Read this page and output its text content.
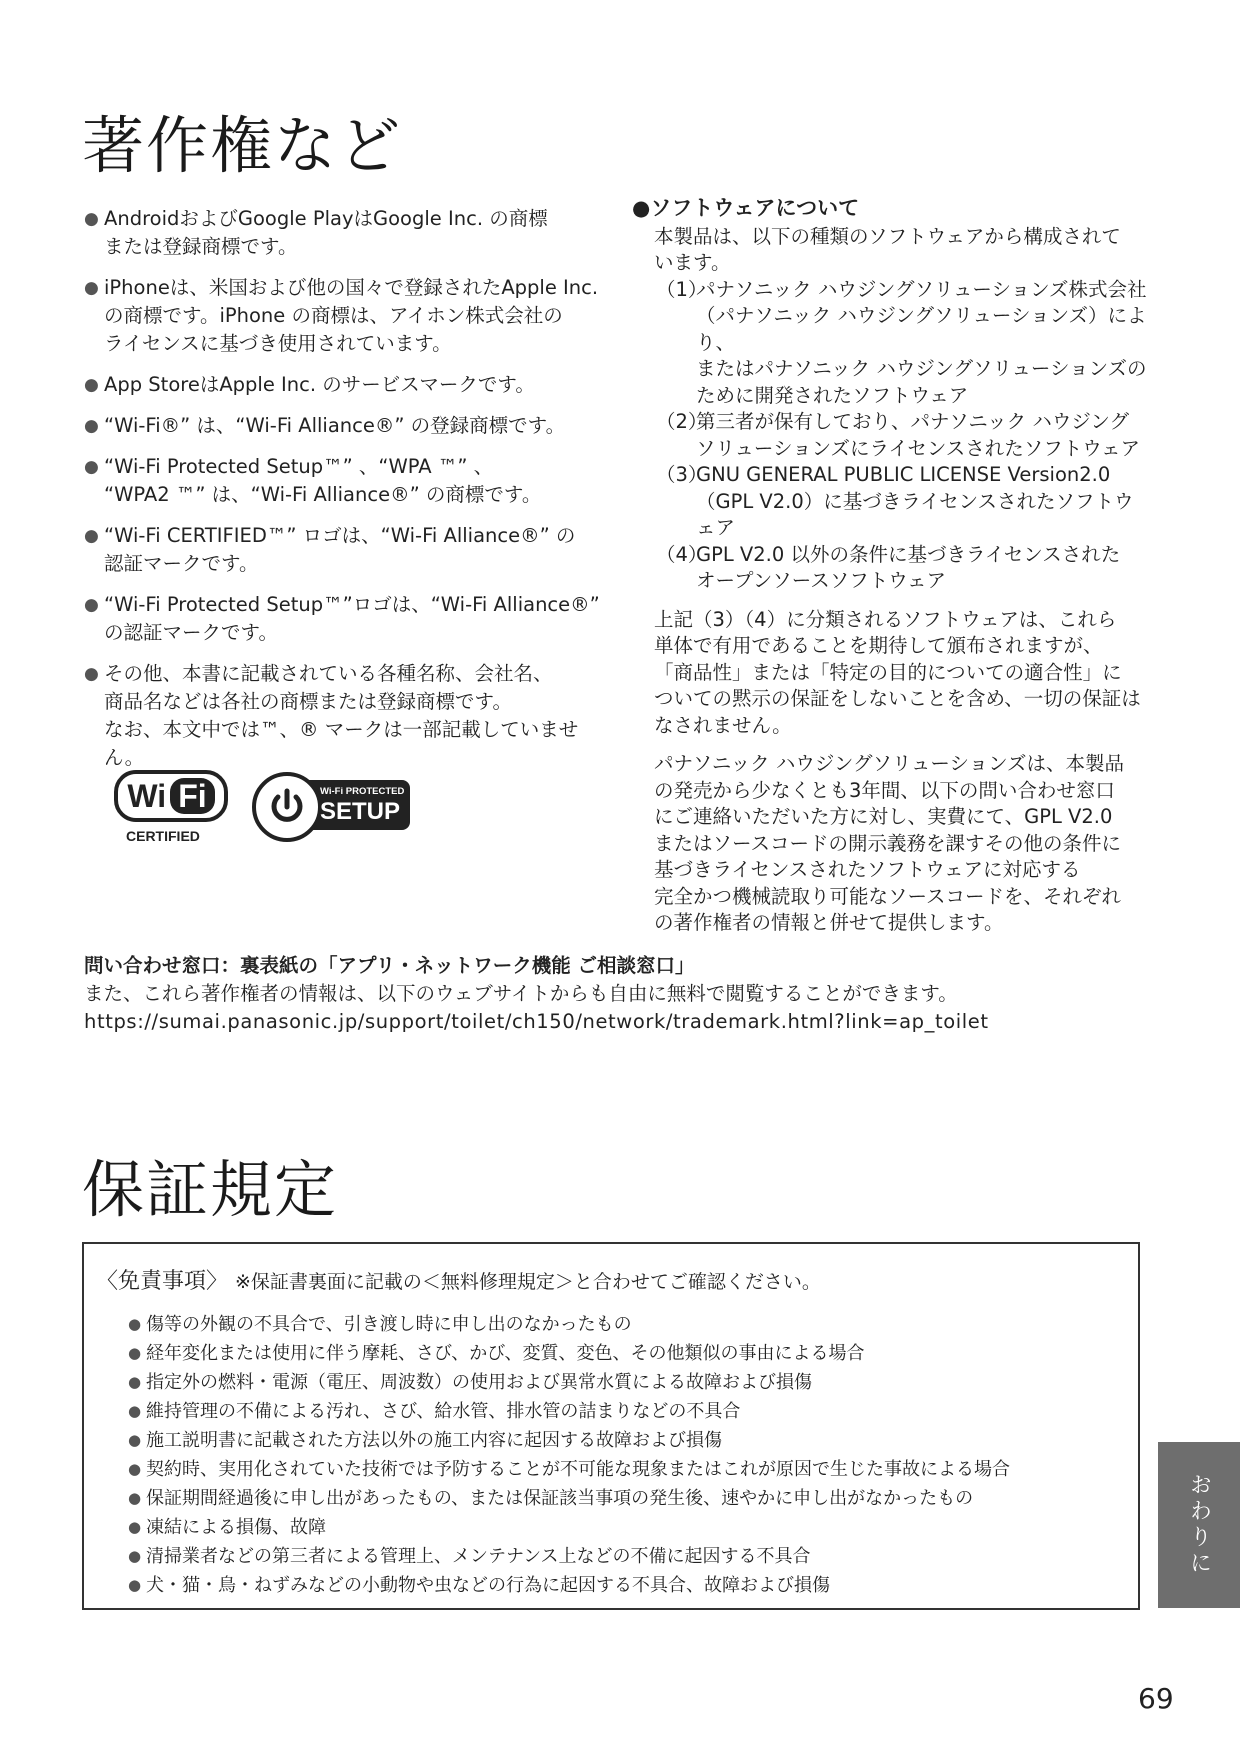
著作権など
● AndroidおよびGoogle PlayはGoogle Inc. の商標
または登録商標です。
● iPhoneは、米国および他の国々で登録されたApple Inc.
の商標です。iPhone の商標は、アイホン株式会社の
ライセンスに基づき使用されています。
● App StoreはApple Inc. のサービスマークです。
● “Wi-Fi®” は、“Wi-Fi Alliance®” の登録商標です。
● “Wi-Fi Protected Setup™” 、“WPA ™” 、
“WPA2 ™” は、“Wi-Fi Alliance®” の商標です。
● “Wi-Fi CERTIFIED™” ロゴは、“Wi-Fi Alliance®” の
認証マークです。
● “Wi-Fi Protected Setup™”ロゴは、“Wi-Fi Alliance®”
の認証マークです。
● その他、本書に記載されている各種名称、会社名、
商品名などは各社の商標または登録商標です。
なお、本文中では™、® マークは一部記載していません。
Wi Fi
CERTIFIED
Wi-Fi PROTECTED
SETUP
●ソフトウェアについて
本製品は、以下の種類のソフトウェアから構成されて
います。
（1）
パナソニック ハウジングソリューションズ株式会社
（パナソニック ハウジングソリューションズ）により、
またはパナソニック ハウジングソリューションズの
ために開発されたソフトウェア
（2）
第三者が保有しており、パナソニック ハウジング
ソリューションズにライセンスされたソフトウェア
（3）
GNU GENERAL PUBLIC LICENSE Version2.0
（GPL V2.0）に基づきライセンスされたソフトウェア
（4）
GPL V2.0 以外の条件に基づきライセンスされた
オープンソースソフトウェア
上記（3）（4）に分類されるソフトウェアは、これら
単体で有用であることを期待して頒布されますが、
「商品性」または「特定の目的についての適合性」に
ついての黙示の保証をしないことを含め、一切の保証は
なされません。
パナソニック ハウジングソリューションズは、本製品
の発売から少なくとも3年間、以下の問い合わせ窓口
にご連絡いただいた方に対し、実費にて、GPL V2.0
またはソースコードの開示義務を課すその他の条件に
基づきライセンスされたソフトウェアに対応する
完全かつ機械読取り可能なソースコードを、それぞれ
の著作権者の情報と併せて提供します。
問い合わせ窓口：裏表紙の「アプリ・ネットワーク機能 ご相談窓口」
また、これら著作権者の情報は、以下のウェブサイトからも自由に無料で閲覧することができます。
https://sumai.panasonic.jp/support/toilet/ch150/network/trademark.html?link=ap_toilet
保証規定
〈免責事項〉 ※保証書裏面に記載の＜無料修理規定＞と合わせてご確認ください。
● 傷等の外観の不具合で、引き渡し時に申し出のなかったもの
● 経年変化または使用に伴う摩耗、さび、かび、変質、変色、その他類似の事由による場合
● 指定外の燃料・電源（電圧、周波数）の使用および異常水質による故障および損傷
● 維持管理の不備による汚れ、さび、給水管、排水管の詰まりなどの不具合
● 施工説明書に記載された方法以外の施工内容に起因する故障および損傷
● 契約時、実用化されていた技術では予防することが不可能な現象またはこれが原因で生じた事故による場合
● 保証期間経過後に申し出があったもの、または保証該当事項の発生後、速やかに申し出がなかったもの
● 凍結による損傷、故障
● 清掃業者などの第三者による管理上、メンテナンス上などの不備に起因する不具合
● 犬・猫・鳥・ねずみなどの小動物や虫などの行為に起因する不具合、故障および損傷
おわりに
69
